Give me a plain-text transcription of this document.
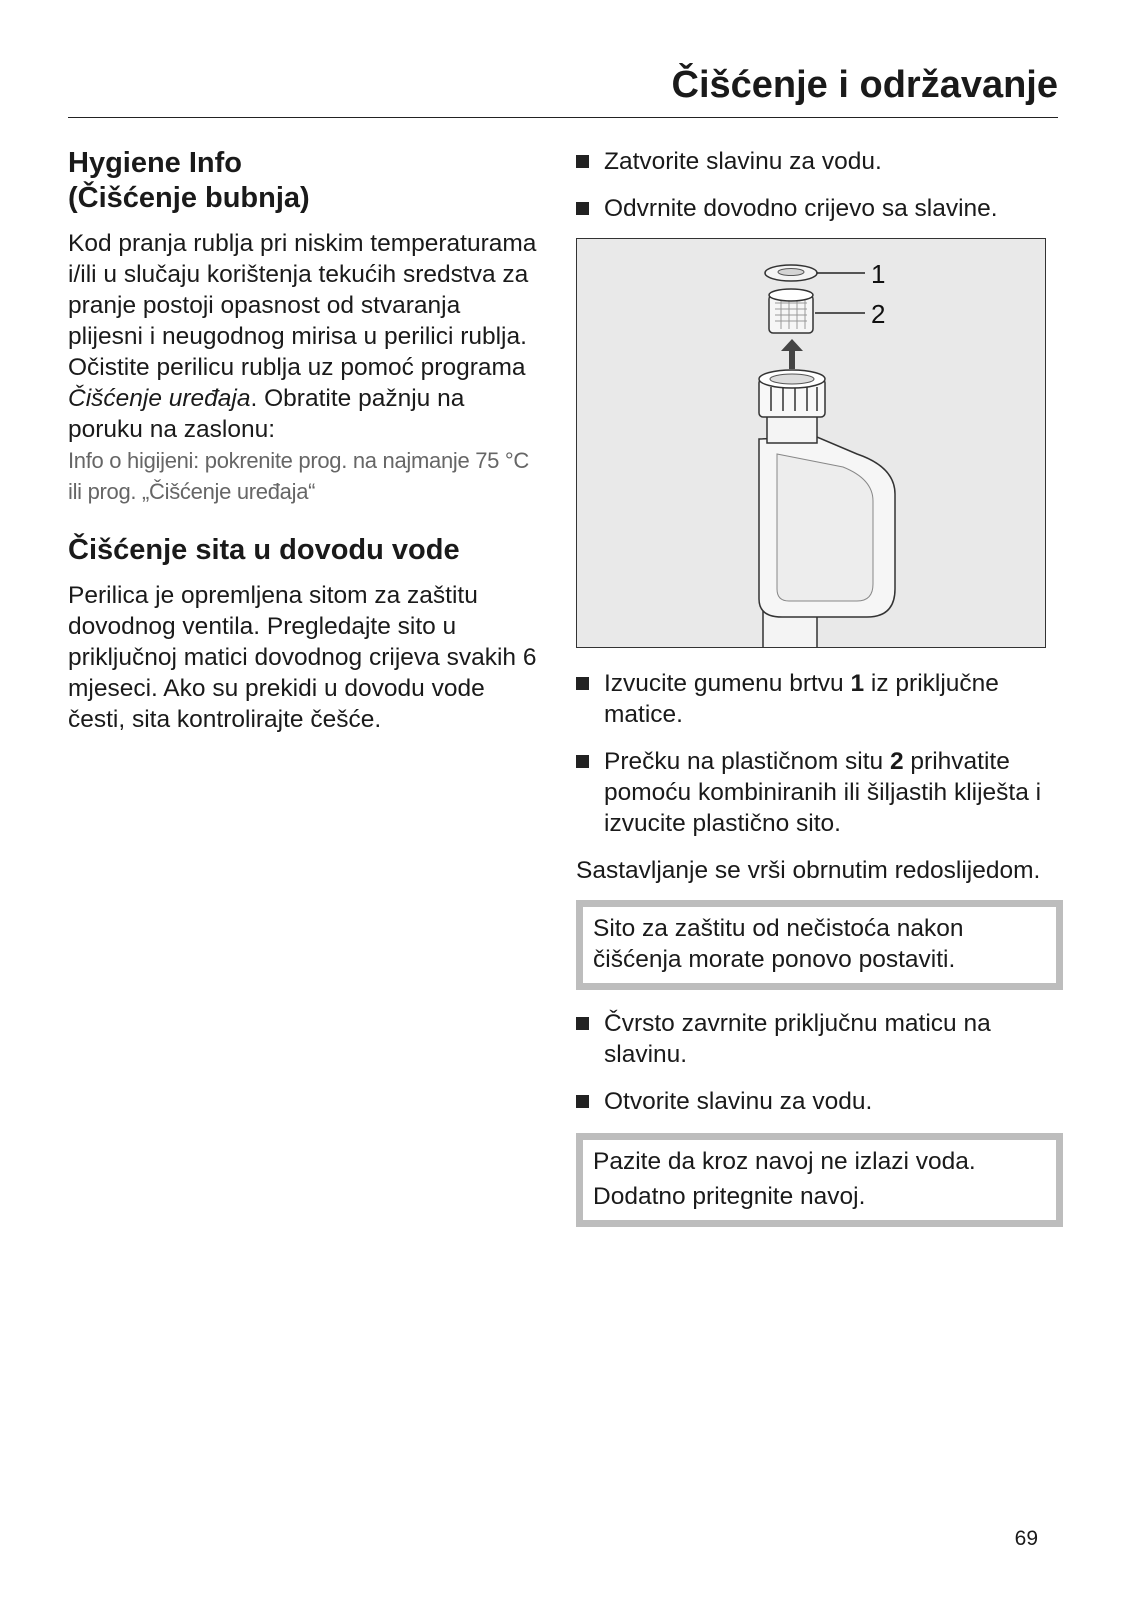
Čišćenje i održavanje
Hygiene Info
(Čišćenje bubnja)

Kod pranja rublja pri niskim temperaturama i/ili u slučaju korištenja tekućih sredstva za pranje postoji opasnost od stvaranja plijesni i neugodnog mirisa u perilici rublja. Očistite perilicu rublja uz pomoć programa Čišćenje uređaja. Obratite pažnju na poruku na zaslonu:

Info o higijeni: pokrenite prog. na najmanje 75 °C ili prog. „Čišćenje uređaja“

Čišćenje sita u dovodu vode

Perilica je opremljena sitom za zaštitu dovodnog ventila. Pregledajte sito u priključnoj matici dovodnog crijeva svakih 6 mjeseci. Ako su prekidi u dovodu vode česti, sita kontrolirajte češće.

Zatvorite slavinu za vodu.
Odvrnite dovodno crijevo sa slavine.
1
2
Izvucite gumenu brtvu 1 iz priključne matice.
Prečku na plastičnom situ 2 prihvatite pomoću kombiniranih ili šiljastih kliješta i izvucite plastično sito.

Sastavljanje se vrši obrnutim redoslijedom.

Sito za zaštitu od nečistoća nakon
čišćenja morate ponovo postaviti.
Čvrsto zavrnite priključnu maticu na slavinu.
Otvorite slavinu za vodu.
Pazite da kroz navoj ne izlazi voda.
Dodatno pritegnite navoj.

69
